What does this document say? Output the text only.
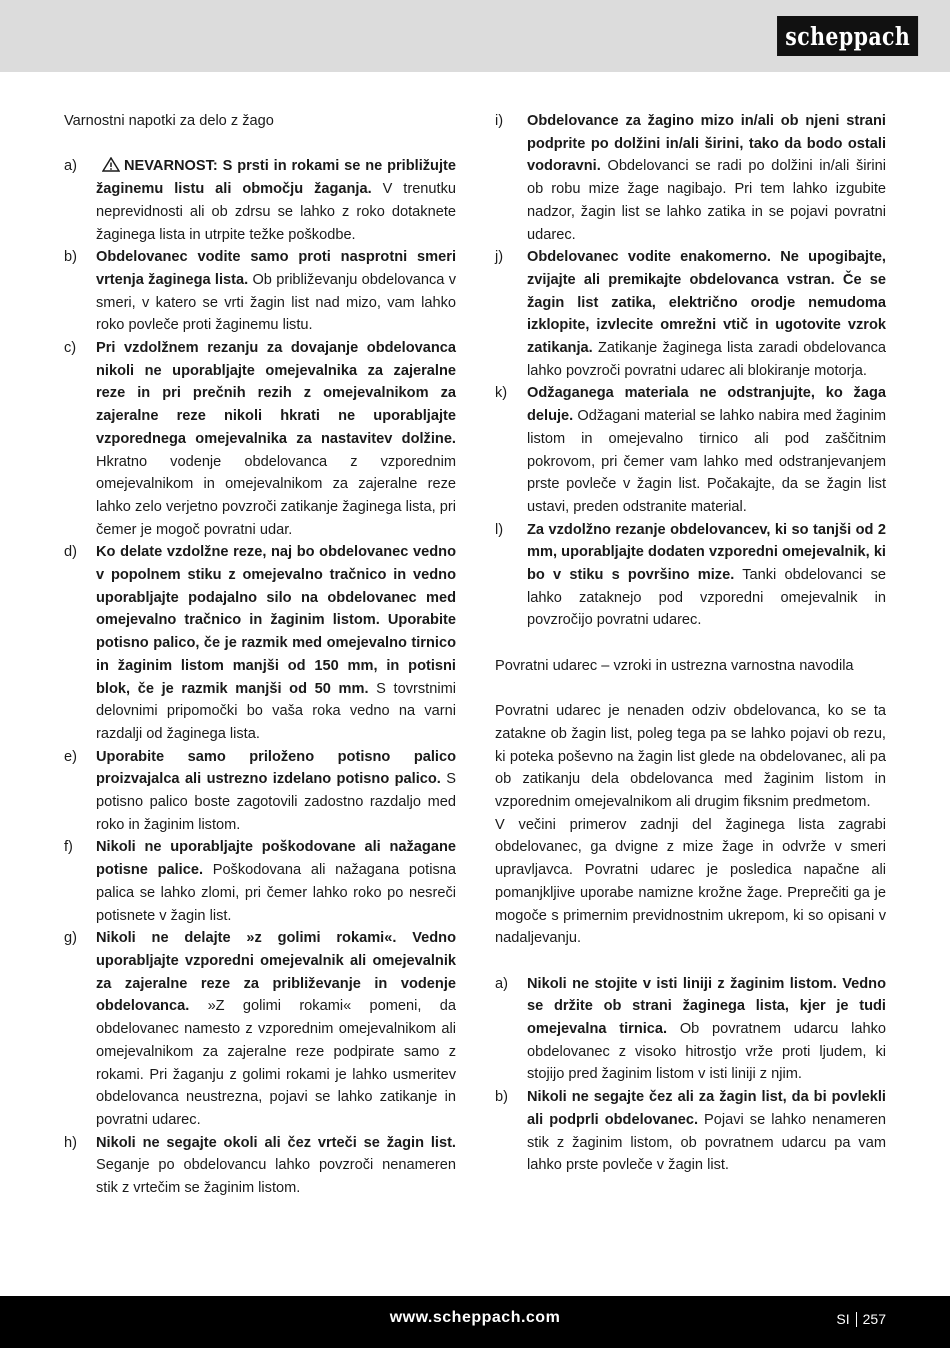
scheppach

Varnostni napotki za delo z žago

a)	NEVARNOST: S prsti in rokami se ne približujte žaginemu listu ali območju žaganja. V trenutku neprevidnosti ali ob zdrsu se lahko z roko dotaknete žaginega lista in utrpite težke poškodbe.
b)	Obdelovanec vodite samo proti nasprotni smeri vrtenja žaginega lista. Ob približevanju obdelovanca v smeri, v katero se vrti žagin list nad mizo, vam lahko roko povleče proti žaginemu listu.
c)	Pri vzdolžnem rezanju za dovajanje obdelovanca nikoli ne uporabljajte omejevalnika za zajeralne reze in pri prečnih rezih z omejevalnikom za zajeralne reze nikoli hkrati ne uporabljajte vzporednega omejevalnika za nastavitev dolžine. Hkratno vodenje obdelovanca z vzporednim omejevalnikom in omejevalnikom za zajeralne reze lahko zelo verjetno povzroči zatikanje žaginega lista, pri čemer je mogoč povratni udar.
d)	Ko delate vzdolžne reze, naj bo obdelovanec vedno v popolnem stiku z omejevalno tračnico in vedno uporabljajte podajalno silo na obdelovanec med omejevalno tračnico in žaginim listom. Uporabite potisno palico, če je razmik med omejevalno tirnico in žaginim listom manjši od 150 mm, in potisni blok, če je razmik manjši od 50 mm. S tovrstnimi delovnimi pripomočki bo vaša roka vedno na varni razdalji od žaginega lista.
e)	Uporabite samo priloženo potisno palico proizvajalca ali ustrezno izdelano potisno palico. S potisno palico boste zagotovili zadostno razdaljo med roko in žaginim listom.
f)	Nikoli ne uporabljajte poškodovane ali nažagane potisne palice. Poškodovana ali nažagana potisna palica se lahko zlomi, pri čemer lahko roko po nesreči potisnete v žagin list.
g)	Nikoli ne delajte »z golimi rokami«. Vedno uporabljajte vzporedni omejevalnik ali omejevalnik za zajeralne reze za približevanje in vodenje obdelovanca. »Z golimi rokami« pomeni, da obdelovanec namesto z vzporednim omejevalnikom ali omejevalnikom za zajeralne reze podpirate samo z rokami. Pri žaganju z golimi rokami je lahko usmeritev obdelovanca neustrezna, pojavi se lahko zatikanje in povratni udarec.
h)	Nikoli ne segajte okoli ali čez vrteči se žagin list. Seganje po obdelovancu lahko povzroči nenameren stik z vrtečim se žaginim listom.
i)	Obdelovance za žagino mizo in/ali ob njeni strani podprite po dolžini in/ali širini, tako da bodo ostali vodoravni. Obdelovanci se radi po dolžini in/ali širini ob robu mize žage nagibajo. Pri tem lahko izgubite nadzor, žagin list se lahko zatika in se pojavi povratni udarec.
j)	Obdelovanec vodite enakomerno. Ne upogibajte, zvijajte ali premikajte obdelovanca vstran. Če se žagin list zatika, električno orodje nemudoma izklopite, izvlecite omrežni vtič in ugotovite vzrok zatikanja. Zatikanje žaginega lista zaradi obdelovanca lahko povzroči povratni udarec ali blokiranje motorja.
k)	Odžaganega materiala ne odstranjujte, ko žaga deluje. Odžagani material se lahko nabira med žaginim listom in omejevalno tirnico ali pod zaščitnim pokrovom, pri čemer vam lahko med odstranjevanjem prste povleče v žagin list. Počakajte, da se žagin list ustavi, preden odstranite material.
l)	Za vzdolžno rezanje obdelovancev, ki so tanjši od 2 mm, uporabljajte dodaten vzporedni omejevalnik, ki bo v stiku s površino mize. Tanki obdelovanci se lahko zataknejo pod vzporedni omejevalnik in povzročijo povratni udarec.

Povratni udarec – vzroki in ustrezna varnostna navodila

Povratni udarec je nenaden odziv obdelovanca, ko se ta zatakne ob žagin list, poleg tega pa se lahko pojavi ob rezu, ki poteka poševno na žagin list glede na obdelovanec, ali pa ob zatikanju dela obdelovanca med žaginim listom in vzporednim omejevalnikom ali drugim fiksnim predmetom.

V večini primerov zadnji del žaginega lista zagrabi obdelovanec, ga dvigne z mize žage in odvrže v smeri upravljavca. Povratni udarec je posledica napačne ali pomanjkljive uporabe namizne krožne žage. Preprečiti ga je mogoče s primernim previdnostnim ukrepom, ki so opisani v nadaljevanju.

a)	Nikoli ne stojite v isti liniji z žaginim listom. Vedno se držite ob strani žaginega lista, kjer je tudi omejevalna tirnica. Ob povratnem udarcu lahko obdelovanec z visoko hitrostjo vrže proti ljudem, ki stojijo pred žaginim listom v isti liniji z njim.
b)	Nikoli ne segajte čez ali za žagin list, da bi povlekli ali podprli obdelovanec. Pojavi se lahko nenameren stik z žaginim listom, ob povratnem udarcu pa vam lahko prste povleče v žagin list.
www.scheppach.com	SI 257
